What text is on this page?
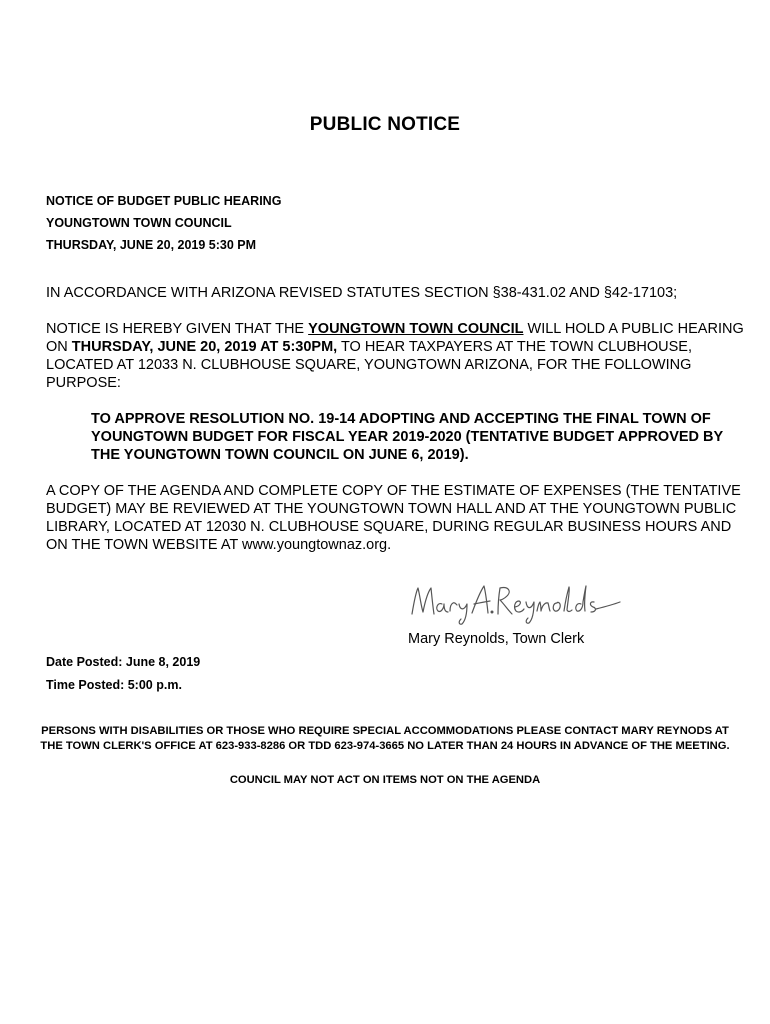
PUBLIC NOTICE
NOTICE OF BUDGET PUBLIC HEARING
YOUNGTOWN TOWN COUNCIL
THURSDAY, JUNE 20, 2019 5:30 PM
IN ACCORDANCE WITH ARIZONA REVISED STATUTES SECTION §38-431.02 AND §42-17103;
NOTICE IS HEREBY GIVEN THAT THE YOUNGTOWN TOWN COUNCIL WILL HOLD A PUBLIC HEARING ON THURSDAY, JUNE 20, 2019 AT 5:30PM, TO HEAR TAXPAYERS AT THE TOWN CLUBHOUSE, LOCATED AT 12033 N. CLUBHOUSE SQUARE, YOUNGTOWN ARIZONA, FOR THE FOLLOWING PURPOSE:
TO APPROVE RESOLUTION NO. 19-14 ADOPTING AND ACCEPTING THE FINAL TOWN OF YOUNGTOWN BUDGET FOR FISCAL YEAR 2019-2020 (TENTATIVE BUDGET APPROVED BY THE YOUNGTOWN TOWN COUNCIL ON JUNE 6, 2019).
A COPY OF THE AGENDA AND COMPLETE COPY OF THE ESTIMATE OF EXPENSES (THE TENTATIVE BUDGET) MAY BE REVIEWED AT THE YOUNGTOWN TOWN HALL AND AT THE YOUNGTOWN PUBLIC LIBRARY, LOCATED AT 12030 N. CLUBHOUSE SQUARE, DURING REGULAR BUSINESS HOURS AND ON THE TOWN WEBSITE AT www.youngtownaz.org.
Mary Reynolds, Town Clerk
Date Posted: June 8, 2019
Time Posted: 5:00 p.m.
PERSONS WITH DISABILITIES OR THOSE WHO REQUIRE SPECIAL ACCOMMODATIONS PLEASE CONTACT MARY REYNODS AT THE TOWN CLERK'S OFFICE AT 623-933-8286 OR TDD 623-974-3665 NO LATER THAN 24 HOURS IN ADVANCE OF THE MEETING.
COUNCIL MAY NOT ACT ON ITEMS NOT ON THE AGENDA
